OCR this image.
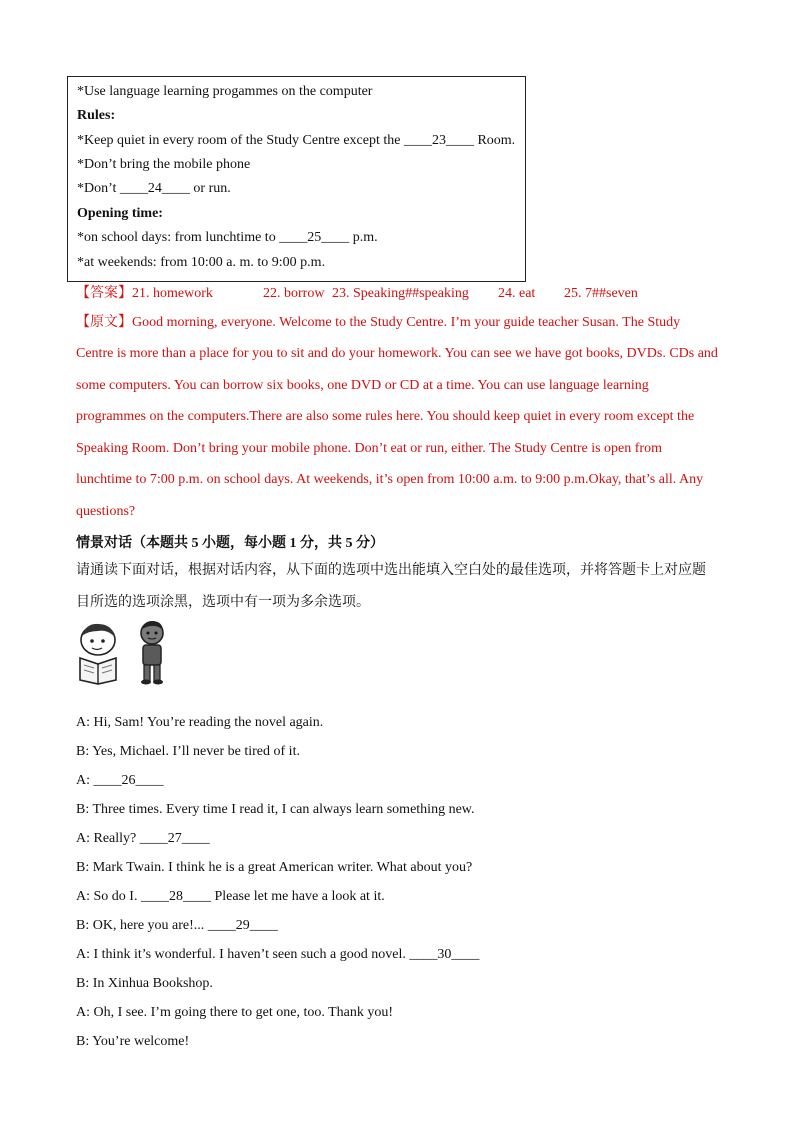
*Use language learning progammes on the computer
Rules:
*Keep quiet in every room of the Study Centre except the ____23____ Room.
*Don’t bring the mobile phone
*Don’t ____24____ or run.
Opening time:
*on school days: from lunchtime to ____25____ p.m.
*at weekends: from 10:00 a. m. to 9:00 p.m.
【答案】 21. homework	22. borrow 23. Speaking##speaking 24. eat 25. 7##seven
【原文】Good morning, everyone. Welcome to the Study Centre. I’m your guide teacher Susan. The Study
Centre is more than a place for you to sit and do your homework. You can see we have got books, DVDs. CDs and
some computers. You can borrow six books, one DVD or CD at a time. You can use language learning
programmes on the computers.There are also some rules here. You should keep quiet in every room except the
Speaking Room. Don’t bring your mobile phone. Don’t eat or run, either. The Study Centre is open from
lunchtime to 7:00 p.m. on school days. At weekends, it’s open from 10:00 a.m. to 9:00 p.m.Okay, that’s all. Any
questions?
情景对话（本题共 5 小题，每小题 1 分，共 5 分）
请通读下面对话，根据对话内容，从下面的选项中选出能填入空白处的最佳选项，并将答题卡上对应题
目所选的选项涂黑，选项中有一项为多余选项。
A: Hi, Sam! You’re reading the novel again.
B: Yes, Michael. I’ll never be tired of it.
A: ____26____
B: Three times. Every time I read it, I can always learn something new.
A: Really? ____27____
B: Mark Twain. I think he is a great American writer. What about you?
A: So do I. ____28____ Please let me have a look at it.
B: OK, here you are!... ____29____
A: I think it’s wonderful. I haven’t seen such a good novel. ____30____
B: In Xinhua Bookshop.
A: Oh, I see. I’m going there to get one, too. Thank you!
B: You’re welcome!
